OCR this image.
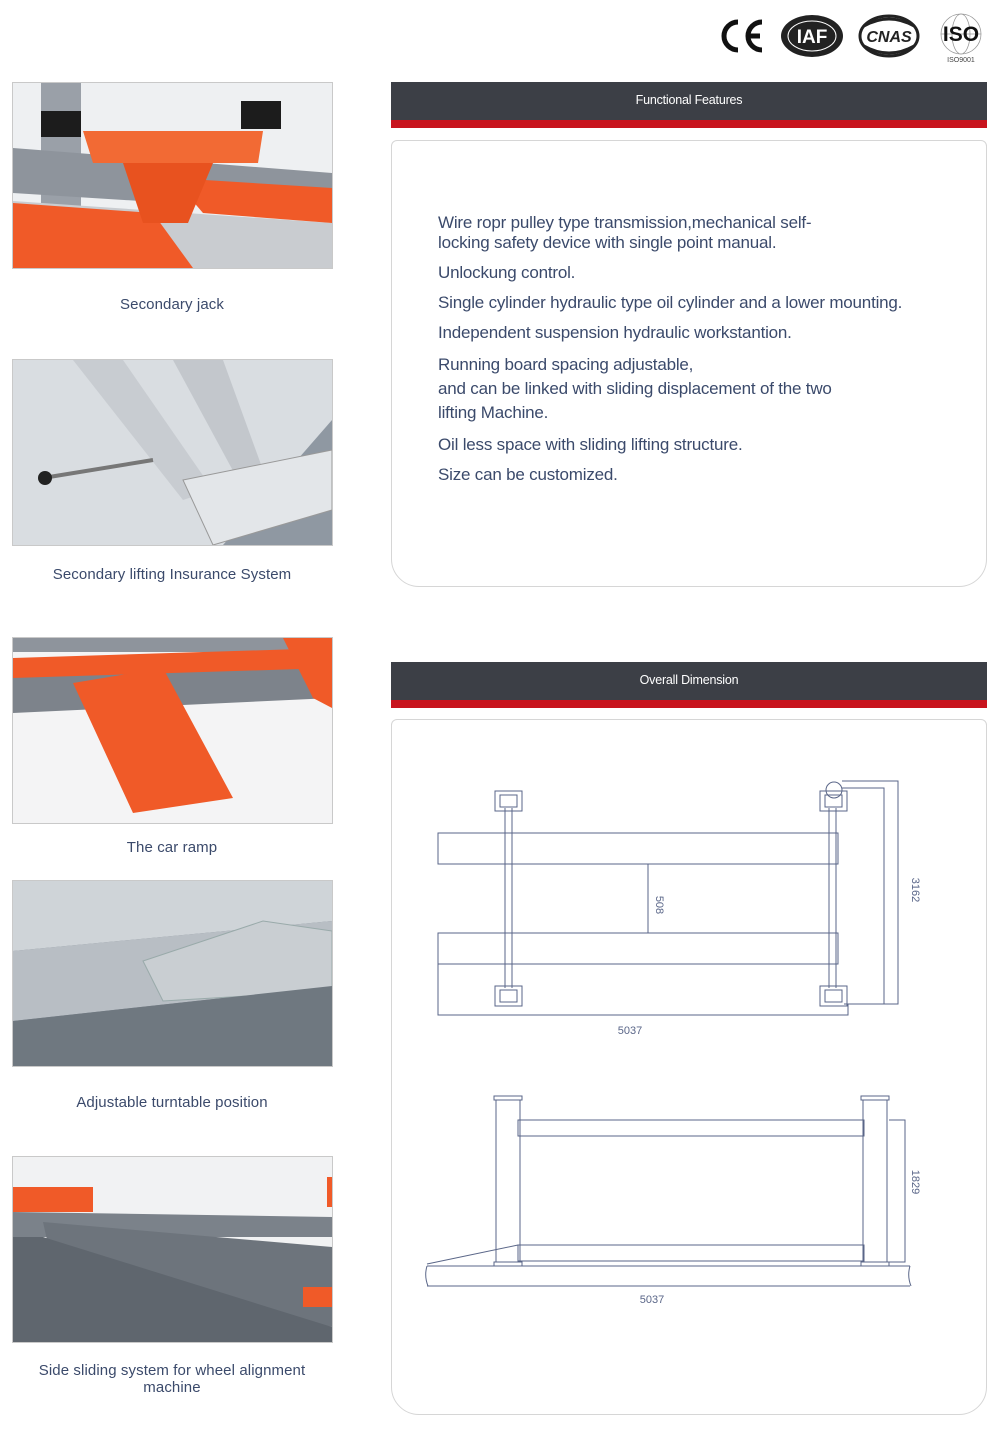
IAF CNAS ISO
ISO9001
Secondary jack
Secondary lifting Insurance System
The car ramp
Adjustable turntable position
Side sliding system for wheel alignment machine
Functional Features

Wire ropr pulley type transmission,mechanical self-
locking safety device with single point manual.

Unlockung control.

Single cylinder hydraulic type oil cylinder and a lower mounting.

Independent suspension hydraulic workstantion.

Running board spacing adjustable,
and can be linked with sliding displacement of the two
lifting Machine.

Oil less space with sliding lifting structure.

Size can be customized.

Overall Dimension
508
3162
5037
1829
5037
